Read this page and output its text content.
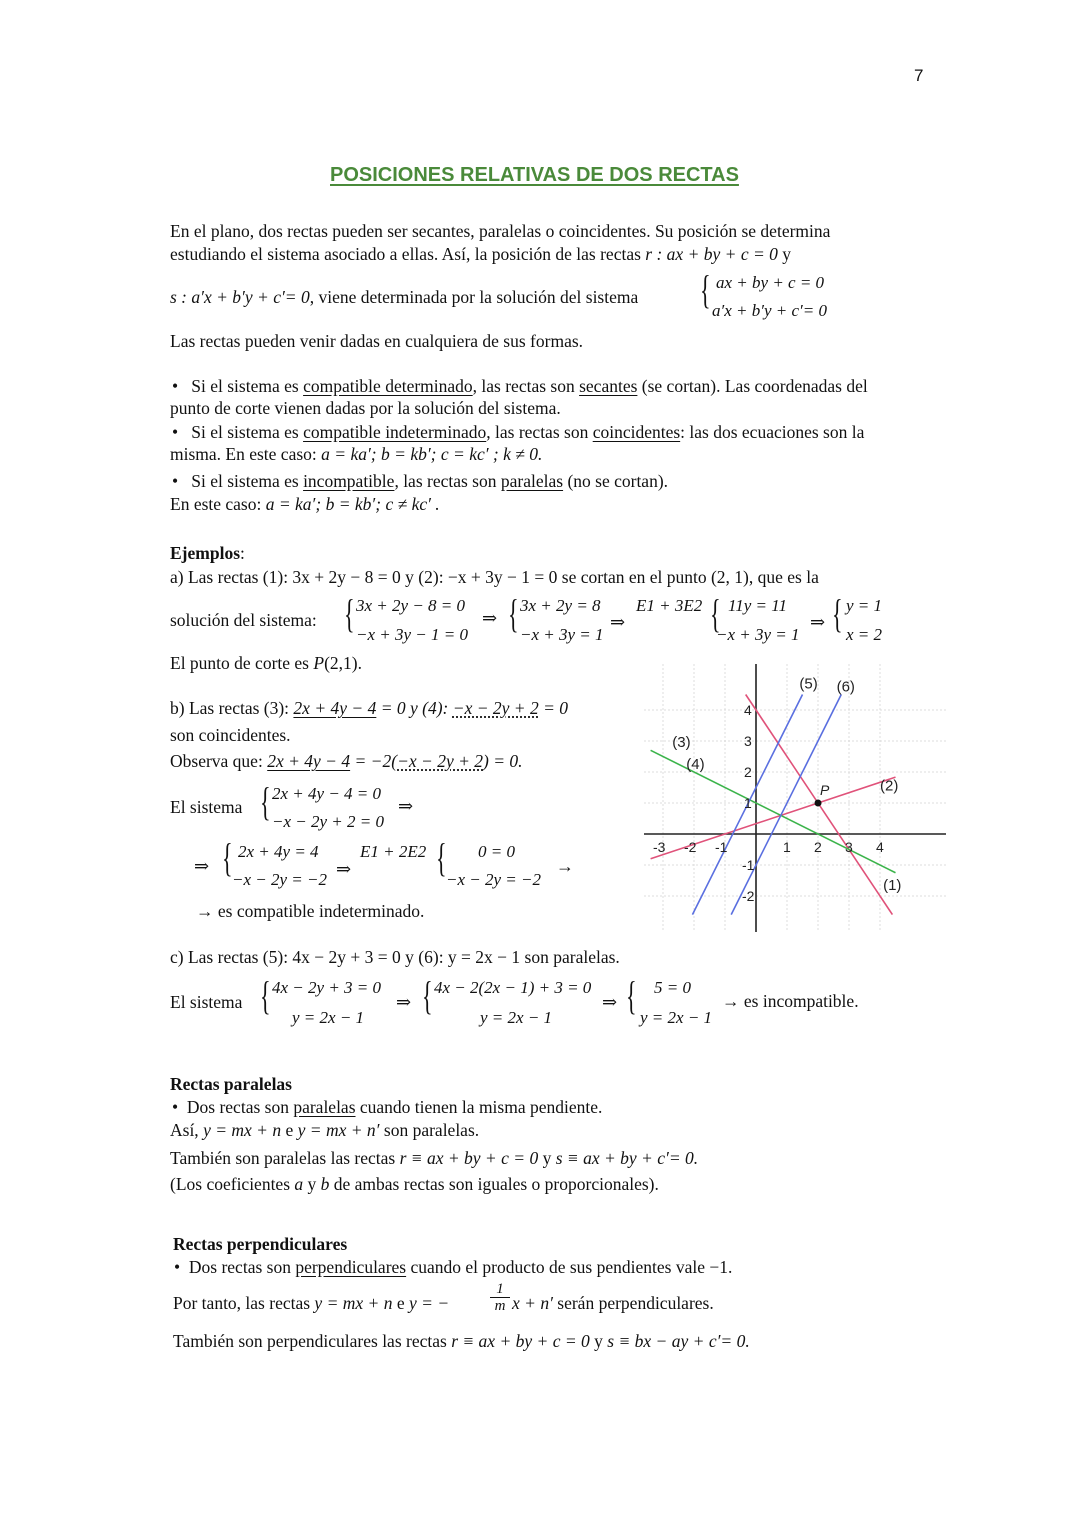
7
POSICIONES RELATIVAS DE DOS RECTAS
En el plano, dos rectas pueden ser secantes, paralelas o coincidentes. Su posición se determina
estudiando el sistema asociado a ellas. Así, la posición de las rectas r : ax + by + c = 0 y
s : a′x + b′y + c′= 0, viene determinada por la solución del sistema { ax + by + c = 0
a′x + b′y + c′= 0
Las rectas pueden venir dadas en cualquiera de sus formas.
•   Si el sistema es compatible determinado, las rectas son secantes (se cortan). Las coordenadas del
punto de corte vienen dadas por la solución del sistema.
•   Si el sistema es compatible indeterminado, las rectas son coincidentes: las dos ecuaciones son la
misma. En este caso: a = ka′; b = kb′; c = kc′ ; k ≠ 0.
•   Si el sistema es incompatible, las rectas son paralelas (no se cortan).
En este caso: a = ka′; b = kb′; c ≠ kc′ .
Ejemplos:
a) Las rectas (1): 3x + 2y − 8 = 0 y (2): −x + 3y − 1 = 0 se cortan en el punto (2, 1), que es la
solución del sistema: { 3x + 2y − 8 = 0
−x + 3y − 1 = 0
⇒ { 3x + 2y = 8
−x + 3y = 1
⇒
E1 + 3E2 { 11y = 11
−x + 3y = 1
⇒ { y = 1
x = 2
El punto de corte es P(2,1).
b) Las rectas (3): 2x + 4y − 4 = 0 y (4): −x − 2y + 2 = 0
son coincidentes.
Observa que: 2x + 4y − 4 = −2(−x − 2y + 2) = 0.
El sistema { 2x + 4y − 4 = 0
−x − 2y + 2 = 0
⇒
⇒ { 2x + 4y = 4
−x − 2y = −2
⇒
E1 + 2E2 { 0 = 0
−x − 2y = −2
→
→ es compatible indeterminado.
P
-3 -2 -1	1 2 3 4
4
3
2
1
-1
-2
(1)
(2)
(3)
(4)
(5) (6)
c) Las rectas (5): 4x − 2y + 3 = 0 y (6): y = 2x − 1 son paralelas.
El sistema { 4x − 2y + 3 = 0
y = 2x − 1
⇒ { 4x − 2(2x − 1) + 3 = 0
y = 2x − 1
⇒ { 5 = 0
y = 2x − 1
→ es incompatible.
Rectas paralelas
•  Dos rectas son paralelas cuando tienen la misma pendiente.
Así, y = mx + n e y = mx + n′ son paralelas.
También son paralelas las rectas r ≡ ax + by + c = 0 y s ≡ ax + by + c′= 0.
(Los coeficientes a y b de ambas rectas son iguales o proporcionales).
Rectas perpendiculares
•  Dos rectas son perpendiculares cuando el producto de sus pendientes vale −1.
Por tanto, las rectas y = mx + n e y = −	$\frac{1}{m}$ x + n′ serán perpendiculares.
También son perpendiculares las rectas r ≡ ax + by + c = 0 y s ≡ bx − ay + c′= 0.
